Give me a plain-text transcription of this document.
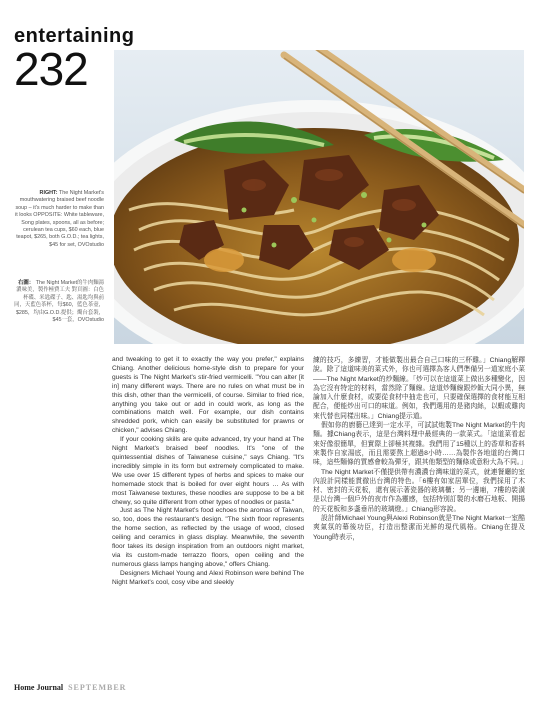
entertaining
232
RIGHT: The Night Market's mouthwatering braised beef noodle soup – it's much harder to make than it looks OPPOSITE: White tableware, Song plates, spoons, all as before; cerulean tea cups, $60 each, blue teapot, $265, both G.O.D.; tea lights, $45 for set, OVOstudio
右圖： The Night Market的牛肉麵湯濃味美，製作極費工夫 對頁圖：白色杯碟、米匙碟子、匙、湯匙均與前同，天藍色茶杯，每$60，藍色茶壺，$285，均由G.O.D.提供；燭台套裝，$45一套，OVOstudio

and tweaking to get it to exactly the way you prefer," explains Chiang. Another delicious home-style dish to prepare for your guests is The Night Market's stir-fried vermicelli. "You can alter [it in] many different ways. There are no rules on what must be in this dish, other than the vermicelli, of course. Similar to fried rice, anything you take out or add in could work, as long as the combinations match well. For example, our dish contains shredded pork, which can easily be substituted for prawns or chicken," advises Chiang.

If your cooking skills are quite advanced, try your hand at The Night Market's braised beef noodles. It's "one of the quintessential dishes of Taiwanese cuisine," says Chiang. "It's incredibly simple in its form but extremely complicated to make. We use over 15 different types of herbs and spices to make our homemade stock that is boiled for over eight hours … As with most Taiwanese textures, these noodles are suppose to be a bit chewy, so quite different from other types of noodles or pasta."

Just as The Night Market's food echoes the aromas of Taiwan, so, too, does the restaurant's design. "The sixth floor represents the home section, as reflected by the usage of wood, closed ceiling and ceramics in glass display. Meanwhile, the seventh floor takes its design inspiration from an outdoors night market, via its custom-made terrazzo floors, open ceiling and the numerous glass lamps hanging above," offers Chiang.

Designers Michael Young and Alexi Robinson were behind The Night Market's cool, cosy vibe and sleekly

練的技巧，多練習，才能做製出最合自己口味的三杯雞。」Chiang解釋說。除了這道味美的菜式外，你也可選擇為客人們準備另一道家庭小菜——The Night Market的炒麵線。「炒可以在這道菜上做出多種變化，因為它沒有特定的材料，當然除了麵線。這道炒麵線跟炒飯大同小異，無論加入什麼食材，或要從食材中抽走也可，只要確保選擇的食材能互相配合，便能炒出可口的味道。例如，我們選用的是豬肉絲，以蝦或雞肉來代替也同樣出味。」Chiang提示道。

假如你的廚藝已達到一定水平，可試試炮製The Night Market的牛肉麵。據Chiang表示，這是台灣料理中最經典的一款菜式。「這道菜看起來好像很簡單，但實際上卻極其複雜。我們用了15種以上的香草和香料來製作自家湯底，而且需要熬上超過8小時……為製作各地道的台灣口味，這些麵條的質感會較為彈牙，跟其他類型的麵條或意粉大為不同。」

The Night Market不僅提供帶有濃濃台灣味道的菜式，就連餐廳的室內設計同樣能貫徹出台灣的特色。「6樓有如家居單位，我們採用了木材、密封的天花板，還有展示著瓷器的玻璃櫃；另一邊廂，7樓的裝潢是以台灣一個戶外的夜市作為靈感，包括特別訂製的水磨石地板、開揚的天花板和多盞垂吊的玻璃燈。」Chiang形容說。

設計師Michael Young與Alexi Robinson就是The Night Market一室酷爽氣氛的幕後功臣，打造出整潔而光鮮的現代風格。Chiang在提及Young時表示，

Home Journal SEPTEMBER
